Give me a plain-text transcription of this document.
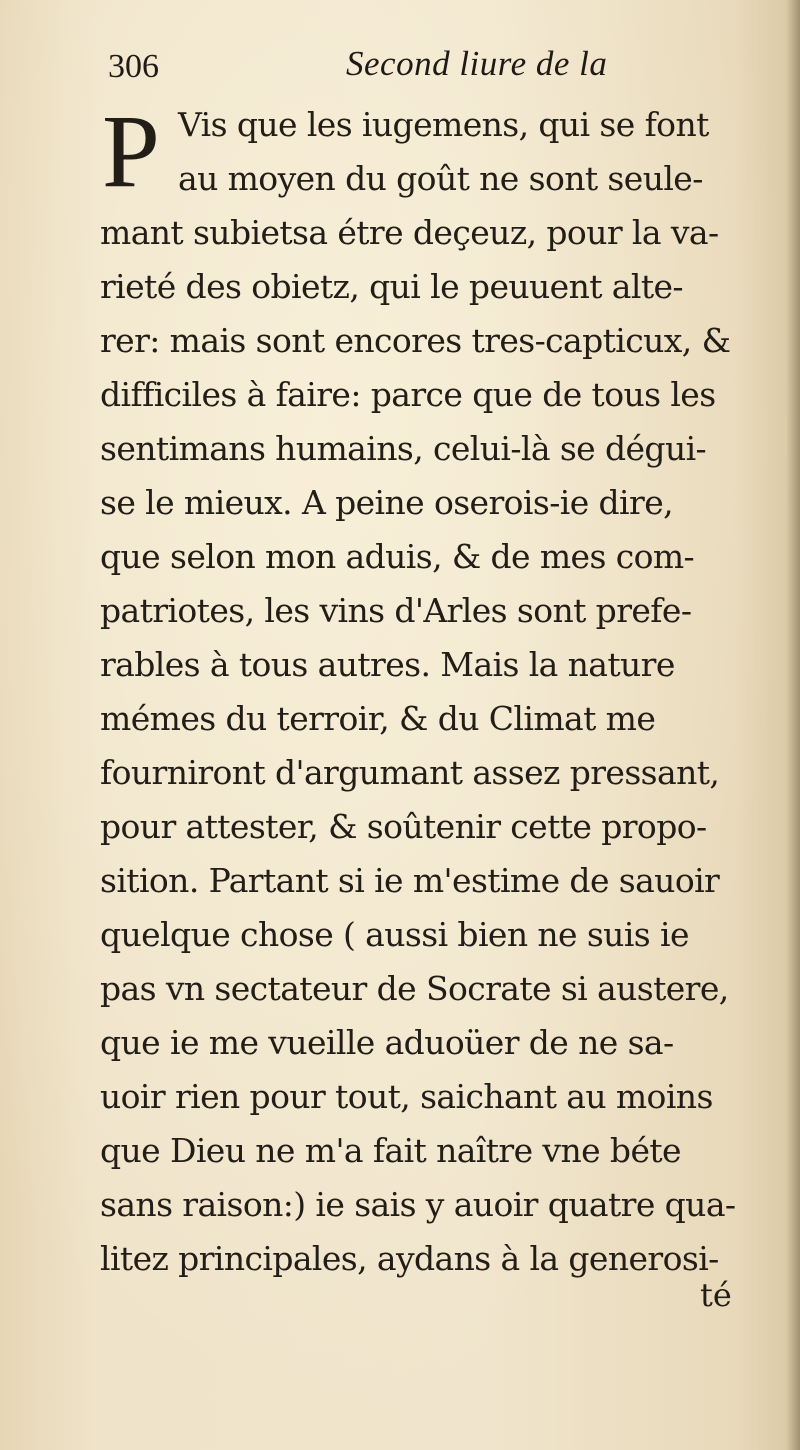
306	Second liure de la
P Vis que les iugemens, qui se font
au moyen du goût ne sont seule-
mant subietsa étre deçeuz, pour la va-
rieté des obietz, qui le peuuent alte-
rer: mais sont encores tres-capticux, &
difficiles à faire: parce que de tous les
sentimans humains, celui-là se dégui-
se le mieux. A peine oserois-ie dire,
que selon mon aduis, & de mes com-
patriotes, les vins d'Arles sont prefe-
rables à tous autres. Mais la nature
mémes du terroir, & du Climat me
fourniront d'argumant assez pressant,
pour attester, & soûtenir cette propo-
sition. Partant si ie m'estime de sauoir
quelque chose ( aussi bien ne suis ie
pas vn sectateur de Socrate si austere,
que ie me vueille aduoüer de ne sa-
uoir rien pour tout, saichant au moins
que Dieu ne m'a fait naître vne béte
sans raison:) ie sais y auoir quatre qua-
litez principales, aydans à la generosi-
té
